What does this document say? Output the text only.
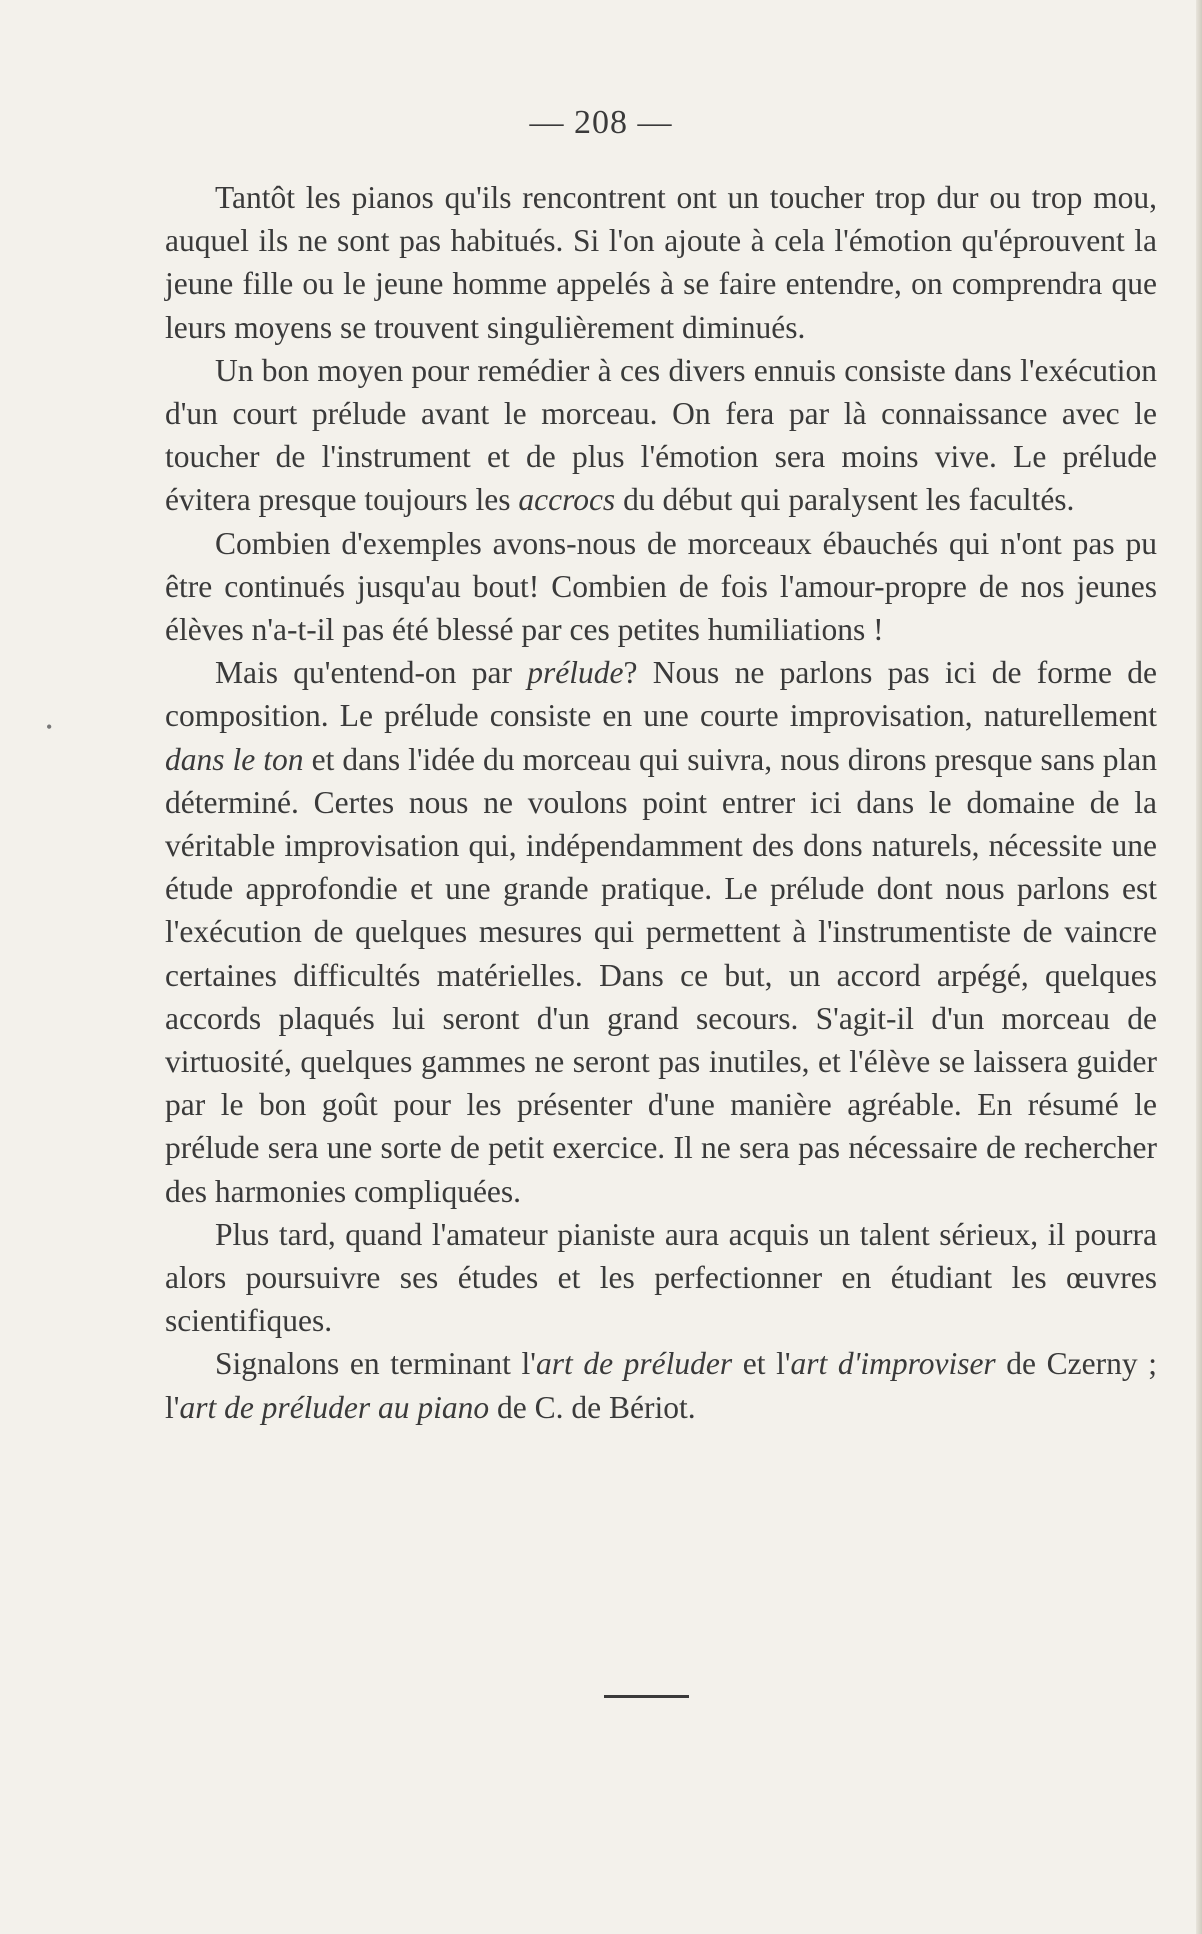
— 208 —
•

Tantôt les pianos qu'ils rencontrent ont un toucher trop dur ou trop mou, auquel ils ne sont pas habitués. Si l'on ajoute à cela l'émotion qu'éprouvent la jeune fille ou le jeune homme appelés à se faire entendre, on comprendra que leurs moyens se trouvent singulièrement diminués.

Un bon moyen pour remédier à ces divers ennuis consiste dans l'exécution d'un court prélude avant le morceau. On fera par là connaissance avec le toucher de l'instrument et de plus l'émotion sera moins vive. Le prélude évitera presque toujours les accrocs du début qui paralysent les facultés.

Combien d'exemples avons-nous de morceaux ébauchés qui n'ont pas pu être continués jusqu'au bout! Combien de fois l'amour-propre de nos jeunes élèves n'a-t-il pas été blessé par ces petites humiliations !

Mais qu'entend-on par prélude? Nous ne parlons pas ici de forme de composition. Le prélude consiste en une courte improvisation, naturellement dans le ton et dans l'idée du morceau qui suivra, nous dirons presque sans plan déterminé. Certes nous ne voulons point entrer ici dans le domaine de la véritable improvisation qui, indépendamment des dons naturels, nécessite une étude approfondie et une grande pratique. Le prélude dont nous parlons est l'exécution de quelques mesures qui permettent à l'instrumentiste de vaincre certaines difficultés matérielles. Dans ce but, un accord arpégé, quelques accords plaqués lui seront d'un grand secours. S'agit-il d'un morceau de virtuosité, quelques gammes ne seront pas inutiles, et l'élève se laissera guider par le bon goût pour les présenter d'une manière agréable. En résumé le prélude sera une sorte de petit exercice. Il ne sera pas nécessaire de rechercher des harmonies compliquées.

Plus tard, quand l'amateur pianiste aura acquis un talent sérieux, il pourra alors poursuivre ses études et les perfectionner en étudiant les œuvres scientifiques.

Signalons en terminant l'art de préluder et l'art d'improviser de Czerny ; l'art de préluder au piano de C. de Bériot.
